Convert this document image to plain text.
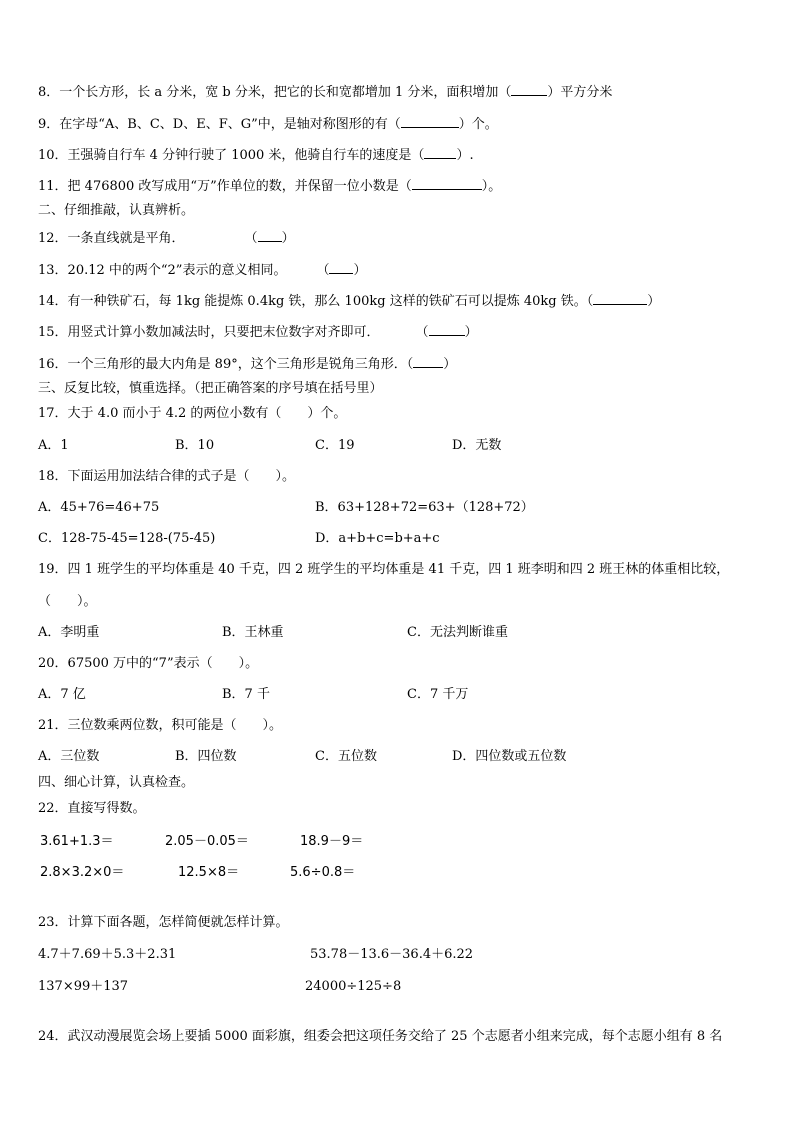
8．一个长方形，长 a 分米，宽 b 分米，把它的长和宽都增加 1 分米，面积增加（	）平方分米
9．在字母“A、B、C、D、E、F、G”中，是轴对称图形的有（	）个。
10．王强骑自行车 4 分钟行驶了 1000 米，他骑自行车的速度是（ ）.
11．把 476800 改写成用“万”作单位的数，并保留一位小数是（	）。
二、仔细推敲，认真辨析。
12．一条直线就是平角．	（ ）
13．20.12 中的两个“2”表示的意义相同。 （ ）
14．有一种铁矿石，每 1kg 能提炼 0.4kg 铁，那么 100kg 这样的铁矿石可以提炼 40kg 铁。（	）
15．用竖式计算小数加减法时，只要把末位数字对齐即可．	（	）
16．一个三角形的最大内角是 89°，这个三角形是锐角三角形．（ ）
三、反复比较，慎重选择。（把正确答案的序号填在括号里）
17．大于 4.0 而小于 4.2 的两位小数有（　　）个。
A．1	B．10	C．19	D．无数
18．下面运用加法结合律的式子是（　　）。
A．45+76=46+75	B．63+128+72=63+（128+72）
C．128-75-45=128-(75-45)	D．a+b+c=b+a+c
19．四 1 班学生的平均体重是 40 千克，四 2 班学生的平均体重是 41 千克，四 1 班李明和四 2 班王林的体重相比较，
（　　）。
A．李明重	B．王林重	C．无法判断谁重
20．67500 万中的“7”表示（　　）。
A．7 亿	B．7 千	C．7 千万
21．三位数乘两位数，积可能是（　　）。
A．三位数	B．四位数	C．五位数	D．四位数或五位数
四、细心计算，认真检查。
22．直接写得数。
3.61+1.3＝	2.05－0.05＝	18.9－9＝
2.8×3.2×0＝	12.5×8＝	5.6÷0.8＝
23．计算下面各题，怎样简便就怎样计算。
4.7＋7.69＋5.3＋2.31	53.78－13.6－36.4＋6.22
137×99＋137	24000÷125÷8
24．武汉动漫展览会场上要插 5000 面彩旗，组委会把这项任务交给了 25 个志愿者小组来完成，每个志愿小组有 8 名
